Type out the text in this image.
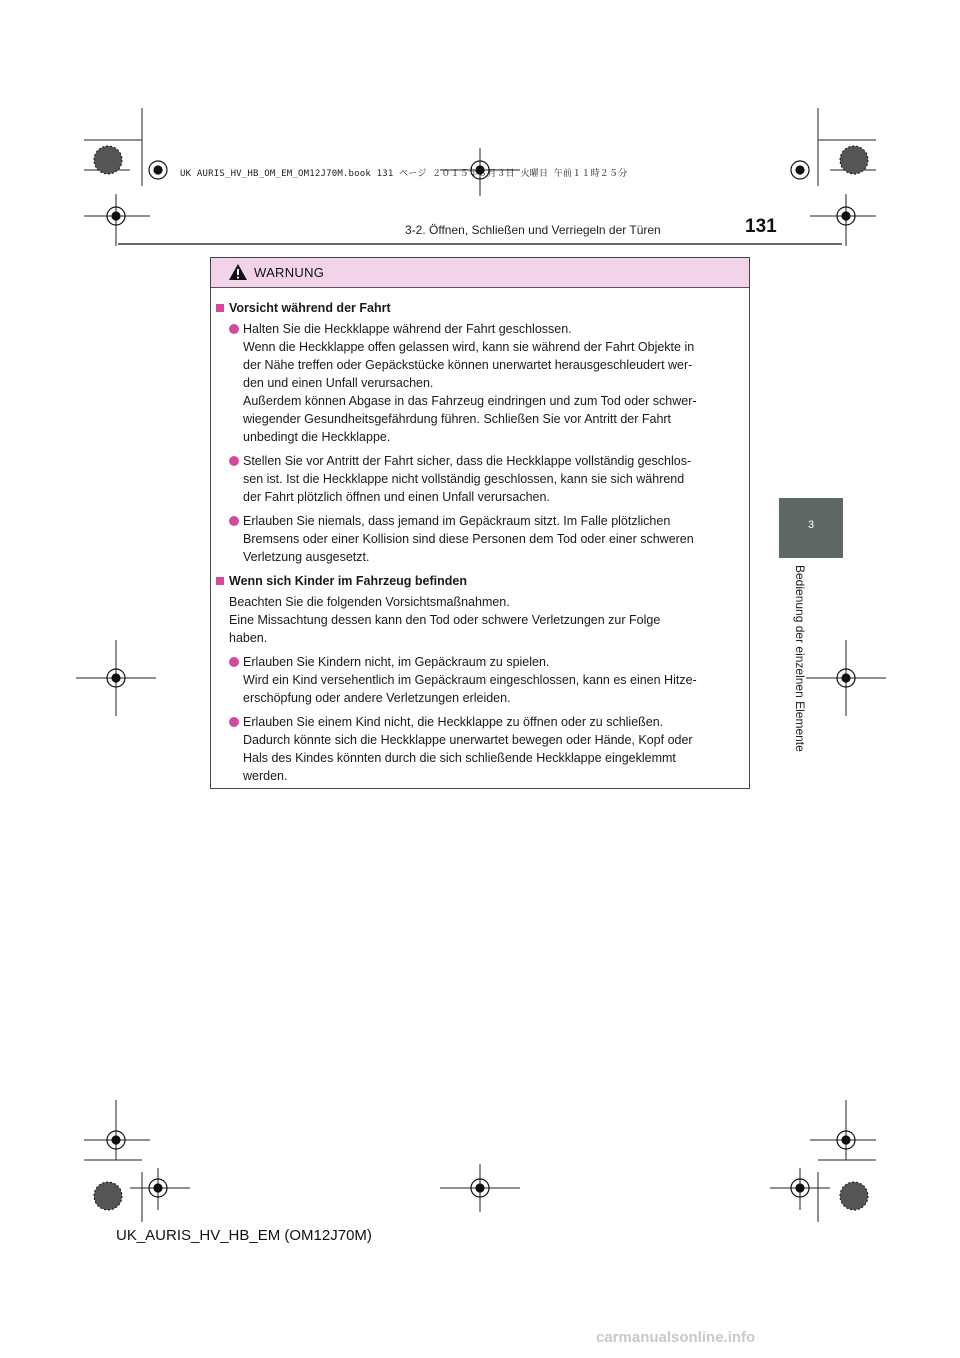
UK AURIS_HV_HB_OM_EM_OM12J70M.book 131 ページ ２０１５年３月３日 火曜日 午前１１時２５分
3-2. Öffnen, Schließen und Verriegeln der Türen	131
3
Bedienung der einzelnen Elemente
WARNUNG
Vorsicht während der Fahrt
Halten Sie die Heckklappe während der Fahrt geschlossen.
Wenn die Heckklappe offen gelassen wird, kann sie während der Fahrt Objekte in
der Nähe treffen oder Gepäckstücke können unerwartet herausgeschleudert wer-
den und einen Unfall verursachen.
Außerdem können Abgase in das Fahrzeug eindringen und zum Tod oder schwer-
wiegender Gesundheitsgefährdung führen. Schließen Sie vor Antritt der Fahrt
unbedingt die Heckklappe.
Stellen Sie vor Antritt der Fahrt sicher, dass die Heckklappe vollständig geschlos-
sen ist. Ist die Heckklappe nicht vollständig geschlossen, kann sie sich während
der Fahrt plötzlich öffnen und einen Unfall verursachen.
Erlauben Sie niemals, dass jemand im Gepäckraum sitzt. Im Falle plötzlichen
Bremsens oder einer Kollision sind diese Personen dem Tod oder einer schweren
Verletzung ausgesetzt.
Wenn sich Kinder im Fahrzeug befinden
Beachten Sie die folgenden Vorsichtsmaßnahmen.
Eine Missachtung dessen kann den Tod oder schwere Verletzungen zur Folge
haben.
Erlauben Sie Kindern nicht, im Gepäckraum zu spielen.
Wird ein Kind versehentlich im Gepäckraum eingeschlossen, kann es einen Hitze-
erschöpfung oder andere Verletzungen erleiden.
Erlauben Sie einem Kind nicht, die Heckklappe zu öffnen oder zu schließen.
Dadurch könnte sich die Heckklappe unerwartet bewegen oder Hände, Kopf oder
Hals des Kindes könnten durch die sich schließende Heckklappe eingeklemmt
werden.
UK_AURIS_HV_HB_EM (OM12J70M)
carmanualsonline.info
